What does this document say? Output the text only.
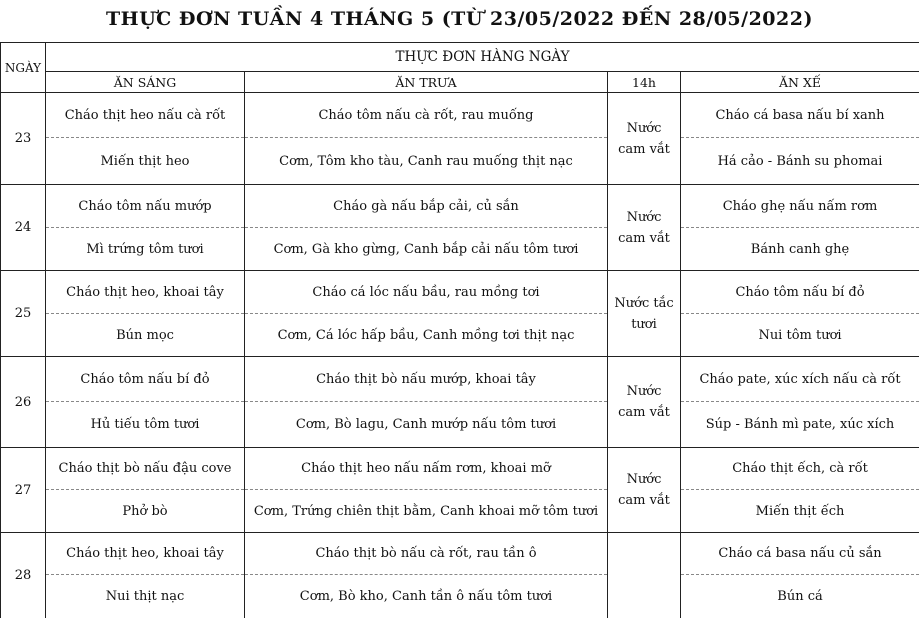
THỰC ĐƠN TUẦN 4 THÁNG 5 (TỪ 23/05/2022 ĐẾN 28/05/2022)
NGÀY	THỰC ĐƠN HÀNG NGÀY			
	ĂN SÁNG	ĂN TRƯA	14h	ĂN XẾ
23	Cháo thịt heo nấu cà rốt	Cháo tôm nấu cà rốt, rau muống	Nước cam vắt	Cháo cá basa nấu bí xanh
	Miến thịt heo	Cơm, Tôm kho tàu, Canh rau muống thịt nạc		Há cảo - Bánh su phomai
24	Cháo tôm nấu mướp	Cháo gà nấu bắp cải, củ sắn	Nước cam vắt	Cháo ghẹ nấu nấm rơm
	Mì trứng tôm tươi	Cơm, Gà kho gừng, Canh bắp cải nấu tôm tươi		Bánh canh ghẹ
25	Cháo thịt heo, khoai tây	Cháo cá lóc nấu bầu, rau mồng tơi	Nước tắc tươi	Cháo tôm nấu bí đỏ
	Bún mọc	Cơm, Cá lóc hấp bầu, Canh mồng tơi thịt nạc		Nui tôm tươi
26	Cháo tôm nấu bí đỏ	Cháo thịt bò nấu mướp, khoai tây	Nước cam vắt	Cháo pate, xúc xích nấu cà rốt
	Hủ tiếu tôm tươi	Cơm, Bò lagu, Canh mướp nấu tôm tươi		Súp - Bánh mì pate, xúc xích
27	Cháo thịt bò nấu đậu cove	Cháo thịt heo nấu nấm rơm, khoai mỡ	Nước cam vắt	Cháo thịt ếch, cà rốt
	Phở bò	Cơm, Trứng chiên thịt bằm, Canh khoai mỡ tôm tươi		Miến thịt ếch
28	Cháo thịt heo, khoai tây	Cháo thịt bò nấu cà rốt, rau tần ô		Cháo cá basa nấu củ sắn
	Nui thịt nạc	Cơm, Bò kho, Canh tần ô nấu tôm tươi		Bún cá
